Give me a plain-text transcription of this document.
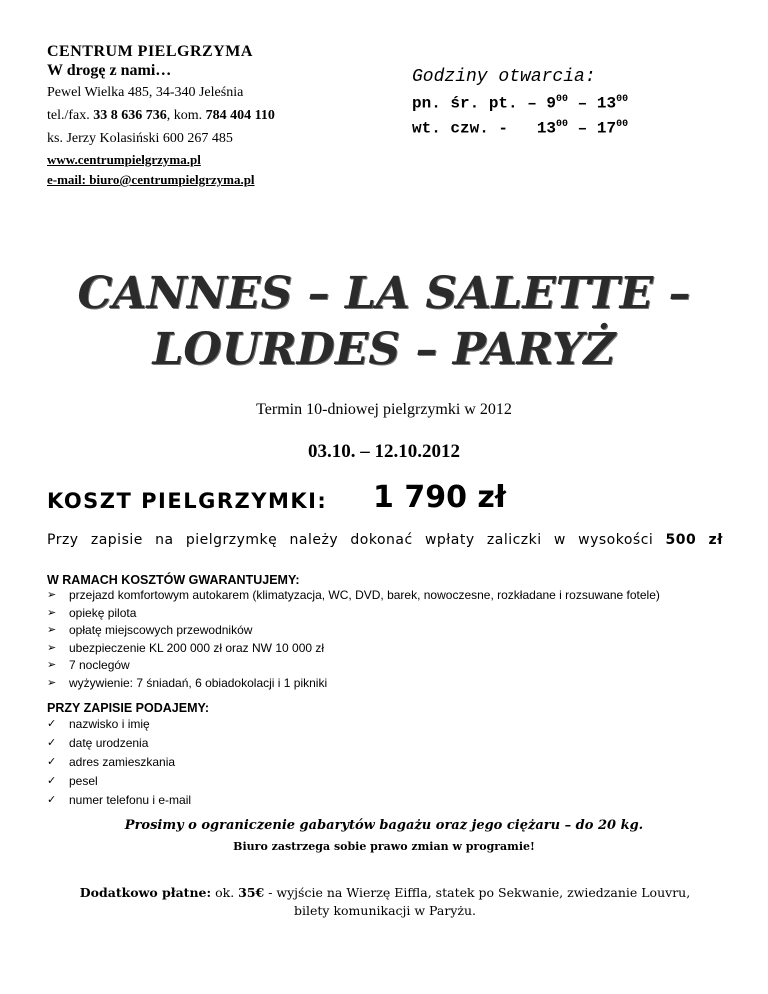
CENTRUM PIELGRZYMA
W drogę z nami…
Pewel Wielka 485, 34-340 Jeleśnia
tel./fax. 33 8 636 736, kom. 784 404 110
ks. Jerzy Kolasiński 600 267 485
www.centrumpielgrzyma.pl
e-mail: biuro@centrumpielgrzyma.pl
Godziny otwarcia:
pn. śr. pt. – $9^{00} - 13^{00}$
wt. czw. -   $13^{00} - 17^{00}$
CANNES – LA SALETTE –
LOURDES – PARYŻ
Termin 10-dniowej pielgrzymki w 2012
03.10. – 12.10.2012
KOSZT PIELGRZYMKI: 1 790 zł
Przy zapisie na pielgrzymkę należy dokonać wpłaty zaliczki w wysokości 500 zł
W RAMACH KOSZTÓW GWARANTUJEMY:
➢	przejazd komfortowym autokarem (klimatyzacja, WC, DVD, barek, nowoczesne, rozkładane i rozsuwane fotele)
➢	opiekę pilota
➢	opłatę miejscowych przewodników
➢	ubezpieczenie KL 200 000 zł oraz NW 10 000 zł
➢	7 noclegów
➢	wyżywienie: 7 śniadań, 6 obiadokolacji i 1 pikniki
PRZY ZAPISIE PODAJEMY:
✓	nazwisko i imię
✓	datę urodzenia
✓	adres zamieszkania
✓	pesel
✓	numer telefonu i e-mail
Prosimy o ograniczenie gabarytów bagażu oraz jego ciężaru – do 20 kg.
Biuro zastrzega sobie prawo zmian w programie!
Dodatkowo płatne: ok. 35€ - wyjście na Wierzę Eiffla, statek po Sekwanie, zwiedzanie Louvru, bilety komunikacji w Paryżu.
